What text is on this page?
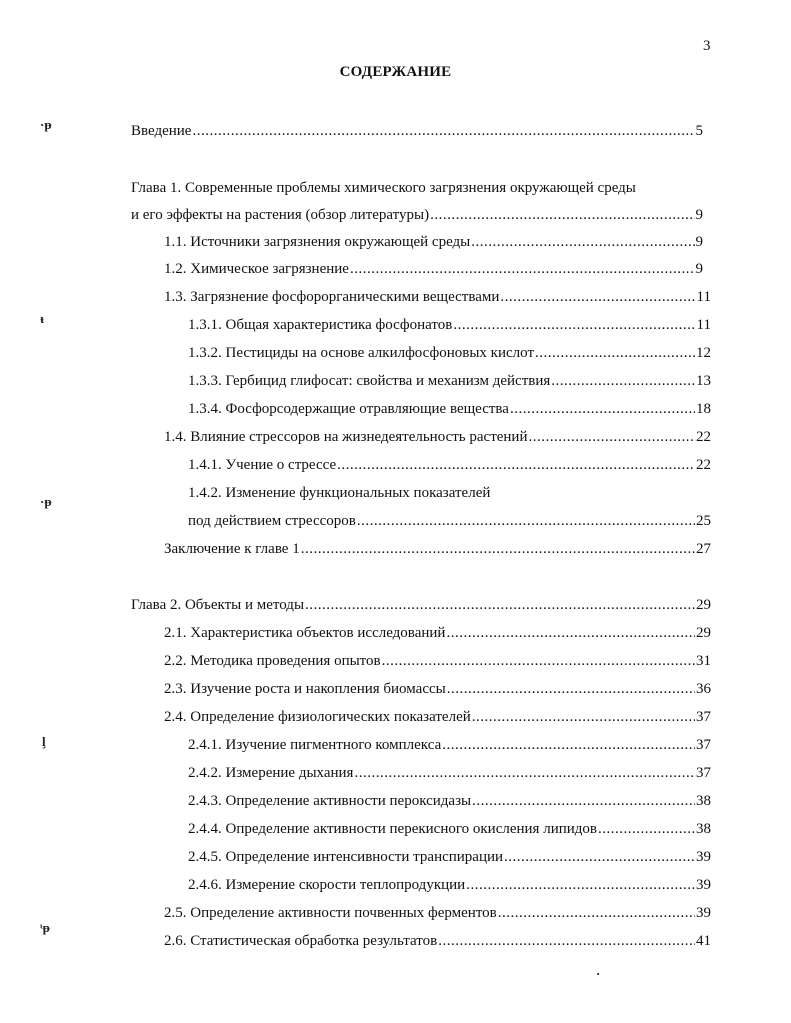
3
СОДЕРЖАНИЕ
·ᵽ
ᵼ
·ᵽ
ᶅ
ᶥᵽ
·
Введение .....	5
Глава 1. Современные проблемы химического загрязнения окружающей среды
и его эффекты на растения (обзор литературы) .....	9
1.1. Источники загрязнения окружающей среды .....	9
1.2. Химическое загрязнение .....	9
1.3. Загрязнение фосфорорганическими веществами .....	11
1.3.1. Общая характеристика фосфонатов .....	11
1.3.2. Пестициды на основе алкилфосфоновых кислот .....	12
1.3.3. Гербицид глифосат: свойства и механизм действия .....	13
1.3.4. Фосфорсодержащие отравляющие вещества .....	18
1.4. Влияние стрессоров на жизнедеятельность растений .....	22
1.4.1. Учение о стрессе .....	22
1.4.2. Изменение функциональных показателей
под действием стрессоров .....	25
Заключение к главе 1 .....	27
Глава 2. Объекты и методы .....	29
2.1. Характеристика объектов исследований .....	29
2.2. Методика проведения опытов .....	31
2.3. Изучение роста и накопления биомассы .....	36
2.4. Определение физиологических показателей .....	37
2.4.1. Изучение пигментного комплекса .....	37
2.4.2. Измерение дыхания .....	37
2.4.3. Определение активности пероксидазы .....	38
2.4.4. Определение активности перекисного окисления липидов .....	38
2.4.5. Определение интенсивности транспирации .....	39
2.4.6. Измерение скорости теплопродукции .....	39
2.5. Определение активности почвенных ферментов .....	39
2.6. Статистическая обработка результатов .....	41
